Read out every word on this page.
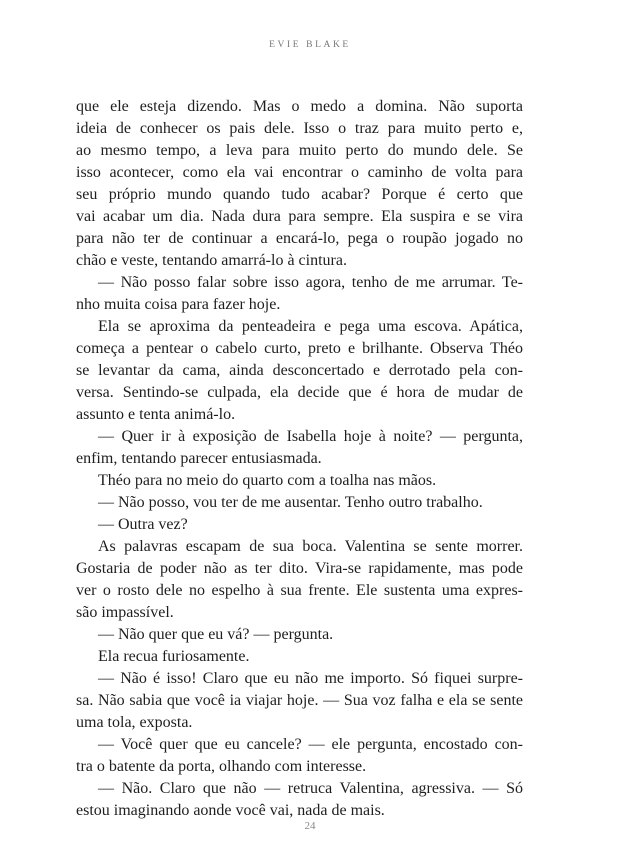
EVIE BLAKE
que ele esteja dizendo. Mas o medo a domina. Não suporta
ideia de conhecer os pais dele. Isso o traz para muito perto e,
ao mesmo tempo, a leva para muito perto do mundo dele. Se
isso acontecer, como ela vai encontrar o caminho de volta para
seu próprio mundo quando tudo acabar? Porque é certo que
vai acabar um dia. Nada dura para sempre. Ela suspira e se vira
para não ter de continuar a encará-lo, pega o roupão jogado no
chão e veste, tentando amarrá-lo à cintura.
— Não posso falar sobre isso agora, tenho de me arrumar. Te-
nho muita coisa para fazer hoje.
Ela se aproxima da penteadeira e pega uma escova. Apática,
começa a pentear o cabelo curto, preto e brilhante. Observa Théo
se levantar da cama, ainda desconcertado e derrotado pela con-
versa. Sentindo-se culpada, ela decide que é hora de mudar de
assunto e tenta animá-lo.
— Quer ir à exposição de Isabella hoje à noite? — pergunta,
enfim, tentando parecer entusiasmada.
Théo para no meio do quarto com a toalha nas mãos.
— Não posso, vou ter de me ausentar. Tenho outro trabalho.
— Outra vez?
As palavras escapam de sua boca. Valentina se sente morrer.
Gostaria de poder não as ter dito. Vira-se rapidamente, mas pode
ver o rosto dele no espelho à sua frente. Ele sustenta uma expres-
são impassível.
— Não quer que eu vá? — pergunta.
Ela recua furiosamente.
— Não é isso! Claro que eu não me importo. Só fiquei surpre-
sa. Não sabia que você ia viajar hoje. — Sua voz falha e ela se sente
uma tola, exposta.
— Você quer que eu cancele? — ele pergunta, encostado con-
tra o batente da porta, olhando com interesse.
— Não. Claro que não — retruca Valentina, agressiva. — Só
estou imaginando aonde você vai, nada de mais.
24
